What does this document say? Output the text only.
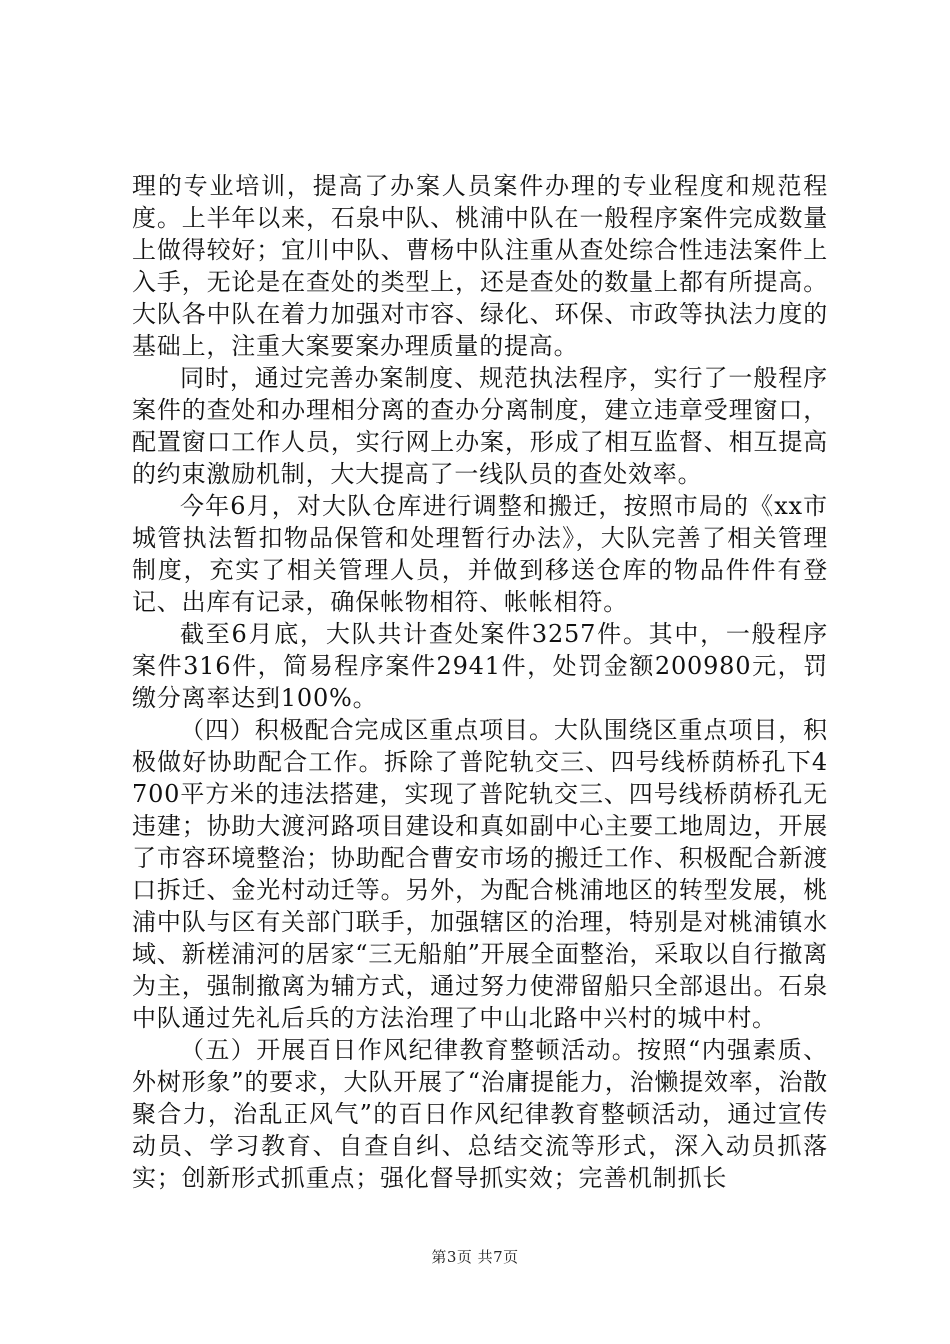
理的专业培训，提高了办案人员案件办理的专业程度和规范程度。上半年以来，石泉中队、桃浦中队在一般程序案件完成数量上做得较好；宜川中队、曹杨中队注重从查处综合性违法案件上入手，无论是在查处的类型上，还是查处的数量上都有所提高。大队各中队在着力加强对市容、绿化、环保、市政等执法力度的基础上，注重大案要案办理质量的提高。

同时，通过完善办案制度、规范执法程序，实行了一般程序案件的查处和办理相分离的查办分离制度，建立违章受理窗口，配置窗口工作人员，实行网上办案，形成了相互监督、相互提高的约束激励机制，大大提高了一线队员的查处效率。

今年6月，对大队仓库进行调整和搬迁，按照市局的《xx市城管执法暂扣物品保管和处理暂行办法》，大队完善了相关管理制度，充实了相关管理人员，并做到移送仓库的物品件件有登记、出库有记录，确保帐物相符、帐帐相符。

截至6月底，大队共计查处案件3257件。其中，一般程序案件316件，简易程序案件2941件，处罚金额200980元，罚缴分离率达到100%。

（四）积极配合完成区重点项目。大队围绕区重点项目，积极做好协助配合工作。拆除了普陀轨交三、四号线桥荫桥孔下4700平方米的违法搭建，实现了普陀轨交三、四号线桥荫桥孔无违建；协助大渡河路项目建设和真如副中心主要工地周边，开展了市容环境整治；协助配合曹安市场的搬迁工作、积极配合新渡口拆迁、金光村动迁等。另外，为配合桃浦地区的转型发展，桃浦中队与区有关部门联手，加强辖区的治理，特别是对桃浦镇水域、新槎浦河的居家“三无船舶”开展全面整治，采取以自行撤离为主，强制撤离为辅方式，通过努力使滞留船只全部退出。石泉中队通过先礼后兵的方法治理了中山北路中兴村的城中村。

（五）开展百日作风纪律教育整顿活动。按照“内强素质、外树形象”的要求，大队开展了“治庸提能力，治懒提效率，治散聚合力，治乱正风气”的百日作风纪律教育整顿活动，通过宣传动员、学习教育、自查自纠、总结交流等形式，深入动员抓落实；创新形式抓重点；强化督导抓实效；完善机制抓长

第3页 共7页
